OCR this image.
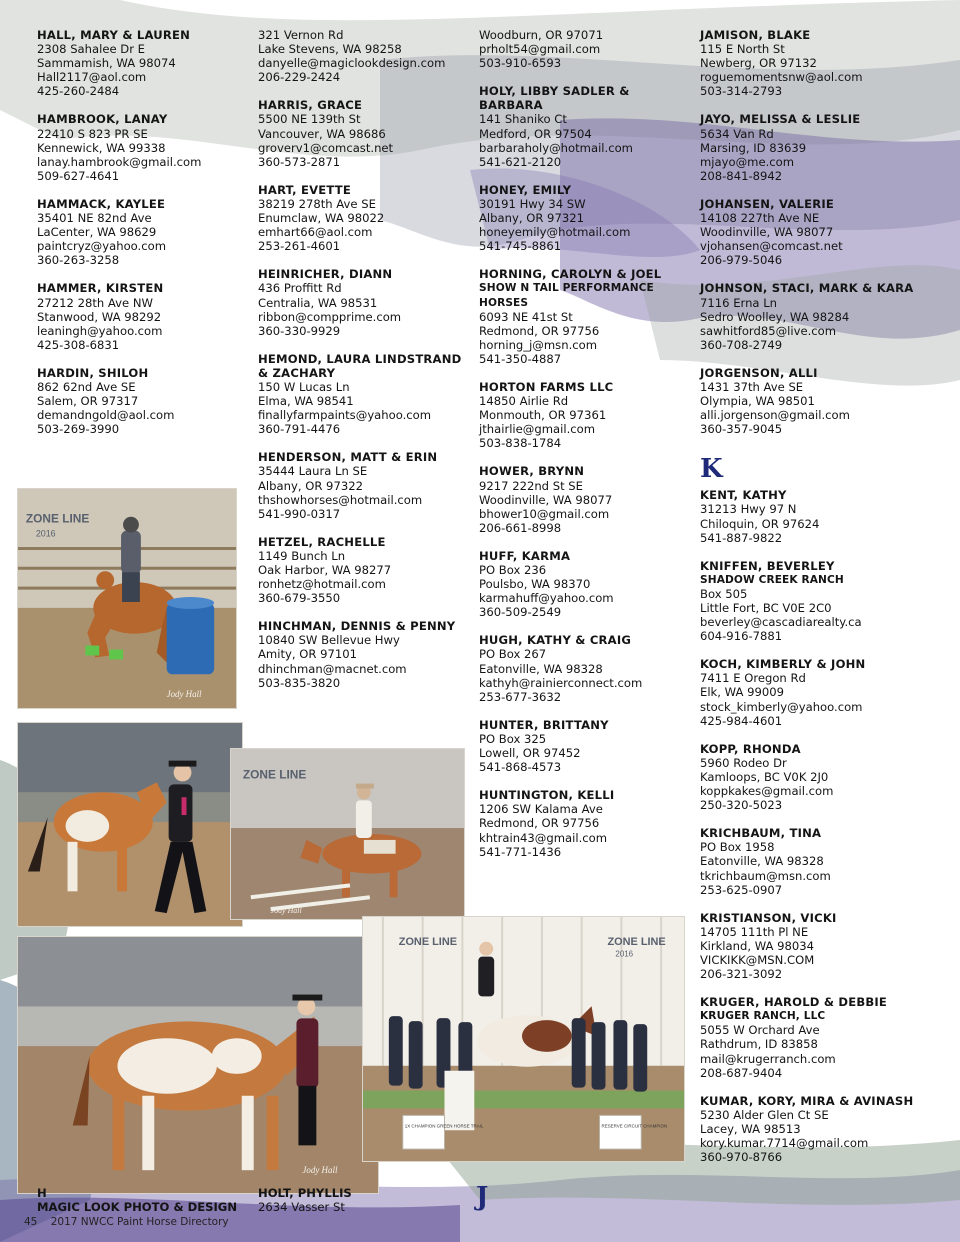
HALL, MARY & LAUREN
2308 Sahalee Dr E
Sammamish, WA 98074
Hall2117@aol.com
425-260-2484
HAMBROOK, LANAY
22410 S 823 PR SE
Kennewick, WA 99338
lanay.hambrook@gmail.com
509-627-4641
HAMMACK, KAYLEE
35401 NE 82nd Ave
LaCenter, WA 98629
paintcryz@yahoo.com
360-263-3258
HAMMER, KIRSTEN
27212 28th Ave NW
Stanwood, WA 98292
leaningh@yahoo.com
425-308-6831
HARDIN, SHILOH
862 62nd Ave SE
Salem, OR 97317
demandngold@aol.com
503-269-3990
321 Vernon Rd
Lake Stevens, WA 98258
danyelle@magiclookdesign.com
206-229-2424
HARRIS, GRACE
5500 NE 139th St
Vancouver, WA 98686
groverv1@comcast.net
360-573-2871
HART, EVETTE
38219 278th Ave SE
Enumclaw, WA 98022
emhart66@aol.com
253-261-4601
HEINRICHER, DIANN
436 Proffitt Rd
Centralia, WA 98531
ribbon@compprime.com
360-330-9929
HEMOND, LAURA LINDSTRAND
& ZACHARY
150 W Lucas Ln
Elma, WA 98541
finallyfarmpaints@yahoo.com
360-791-4476
HENDERSON, MATT & ERIN
35444 Laura Ln SE
Albany, OR 97322
thshowhorses@hotmail.com
541-990-0317
HETZEL, RACHELLE
1149 Bunch Ln
Oak Harbor, WA 98277
ronhetz@hotmail.com
360-679-3550
HINCHMAN, DENNIS & PENNY
10840 SW Bellevue Hwy
Amity, OR 97101
dhinchman@macnet.com
503-835-3820
Woodburn, OR 97071
prholt54@gmail.com
503-910-6593
HOLY, LIBBY SADLER & BARBARA
141 Shaniko Ct
Medford, OR 97504
barbaraholy@hotmail.com
541-621-2120
HONEY, EMILY
30191 Hwy 34 SW
Albany, OR 97321
honeyemily@hotmail.com
541-745-8861
HORNING, CAROLYN & JOEL
SHOW N TAIL PERFORMANCE HORSES
6093 NE 41st St
Redmond, OR 97756
horning_j@msn.com
541-350-4887
HORTON FARMS LLC
14850 Airlie Rd
Monmouth, OR 97361
jthairlie@gmail.com
503-838-1784
HOWER, BRYNN
9217 222nd St SE
Woodinville, WA 98077
bhower10@gmail.com
206-661-8998
HUFF, KARMA
PO Box 236
Poulsbo, WA 98370
karmahuff@yahoo.com
360-509-2549
HUGH, KATHY & CRAIG
PO Box 267
Eatonville, WA 98328
kathyh@rainierconnect.com
253-677-3632
HUNTER, BRITTANY
PO Box 325
Lowell, OR 97452
541-868-4573
HUNTINGTON, KELLI
1206 SW Kalama Ave
Redmond, OR 97756
khtrain43@gmail.com
541-771-1436
JAMISON, BLAKE
115 E North St
Newberg, OR 97132
roguemomentsnw@aol.com
503-314-2793
JAYO, MELISSA & LESLIE
5634 Van Rd
Marsing, ID 83639
mjayo@me.com
208-841-8942
JOHANSEN, VALERIE
14108 227th Ave NE
Woodinville, WA 98077
vjohansen@comcast.net
206-979-5046
JOHNSON, STACI, MARK & KARA
7116 Erna Ln
Sedro Woolley, WA 98284
sawhitford85@live.com
360-708-2749
JORGENSON, ALLI
1431 37th Ave SE
Olympia, WA 98501
alli.jorgenson@gmail.com
360-357-9045
K
KENT, KATHY
31213 Hwy 97 N
Chiloquin, OR 97624
541-887-9822
KNIFFEN, BEVERLEY
SHADOW CREEK RANCH
Box 505
Little Fort, BC V0E 2C0
beverley@cascadiarealty.ca
604-916-7881
KOCH, KIMBERLY & JOHN
7411 E Oregon Rd
Elk, WA 99009
stock_kimberly@yahoo.com
425-984-4601
KOPP, RHONDA
5960 Rodeo Dr
Kamloops, BC V0K 2J0
koppkakes@gmail.com
250-320-5023
KRICHBAUM, TINA
PO Box 1958
Eatonville, WA 98328
tkrichbaum@msn.com
253-625-0907
KRISTIANSON, VICKI
14705 111th Pl NE
Kirkland, WA 98034
VICKIKK@MSN.COM
206-321-3092
KRUGER, HAROLD & DEBBIE
KRUGER RANCH, LLC
5055 W Orchard Ave
Rathdrum, ID 83858
mail@krugerranch.com
208-687-9404
KUMAR, KORY, MIRA & AVINASH
5230 Alder Glen Ct SE
Lacey, WA 98513
kory.kumar.7714@gmail.com
360-970-8766
ZONE LINE
2016
Jody Hall
ZONE LINE
Jody Hall
Jody Hall
ZONE LINE	ZONE LINE
2016
1X CHAMPION GREEN HORSE TRAIL	RESERVE CIRCUIT CHAMPION
H
MAGIC LOOK PHOTO & DESIGN
HOLT, PHYLLIS
2634 Vasser St	J
45 2017 NWCC Paint Horse Directory
